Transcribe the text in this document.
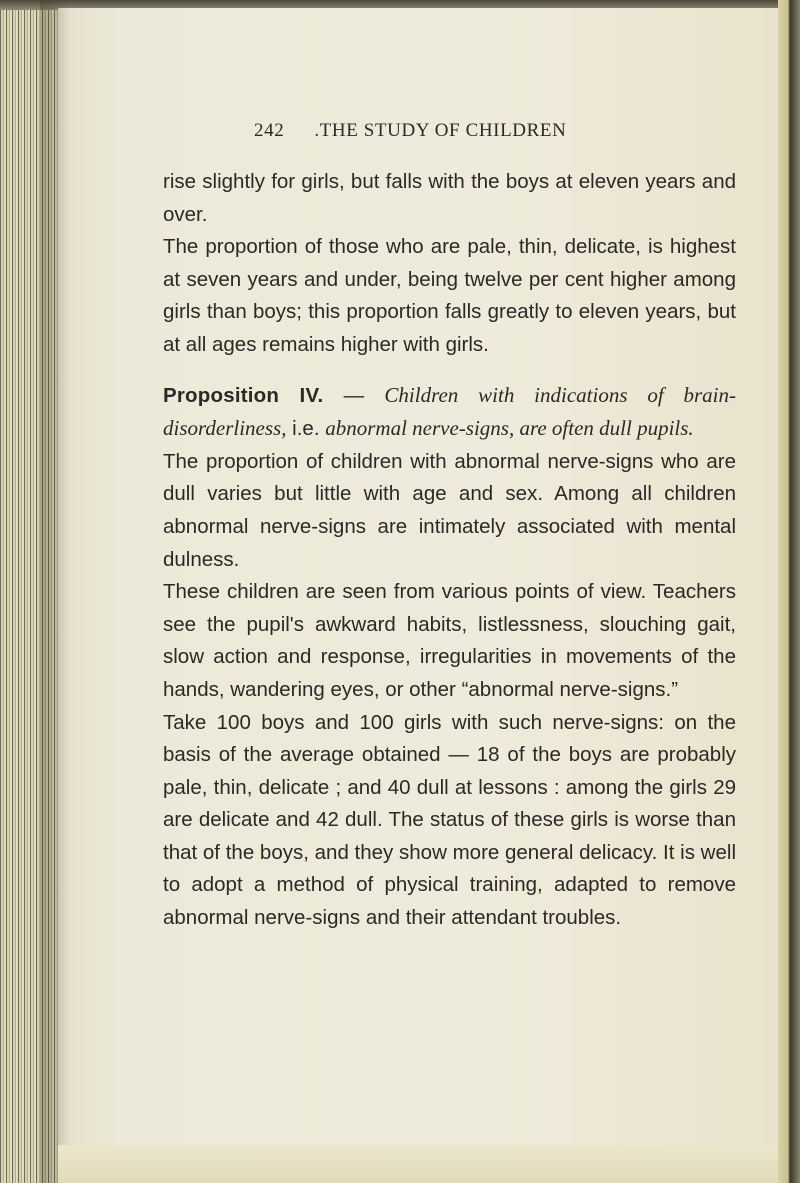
242 .THE STUDY OF CHILDREN

rise slightly for girls, but falls with the boys at eleven years and over.

The proportion of those who are pale, thin, delicate, is highest at seven years and under, being twelve per cent higher among girls than boys; this proportion falls greatly to eleven years, but at all ages remains higher with girls.

Proposition IV. — Children with indications of brain-disorderliness, i.e. abnormal nerve-signs, are often dull pupils.

The proportion of children with abnormal nerve-signs who are dull varies but little with age and sex. Among all children abnormal nerve-signs are intimately associated with mental dulness.

These children are seen from various points of view. Teachers see the pupil's awkward habits, listlessness, slouching gait, slow action and response, irregularities in movements of the hands, wandering eyes, or other “abnormal nerve-signs.”

Take 100 boys and 100 girls with such nerve-signs: on the basis of the average obtained — 18 of the boys are probably pale, thin, delicate ; and 40 dull at lessons : among the girls 29 are delicate and 42 dull. The status of these girls is worse than that of the boys, and they show more general delicacy. It is well to adopt a method of physical training, adapted to remove abnormal nerve-signs and their attendant troubles.
